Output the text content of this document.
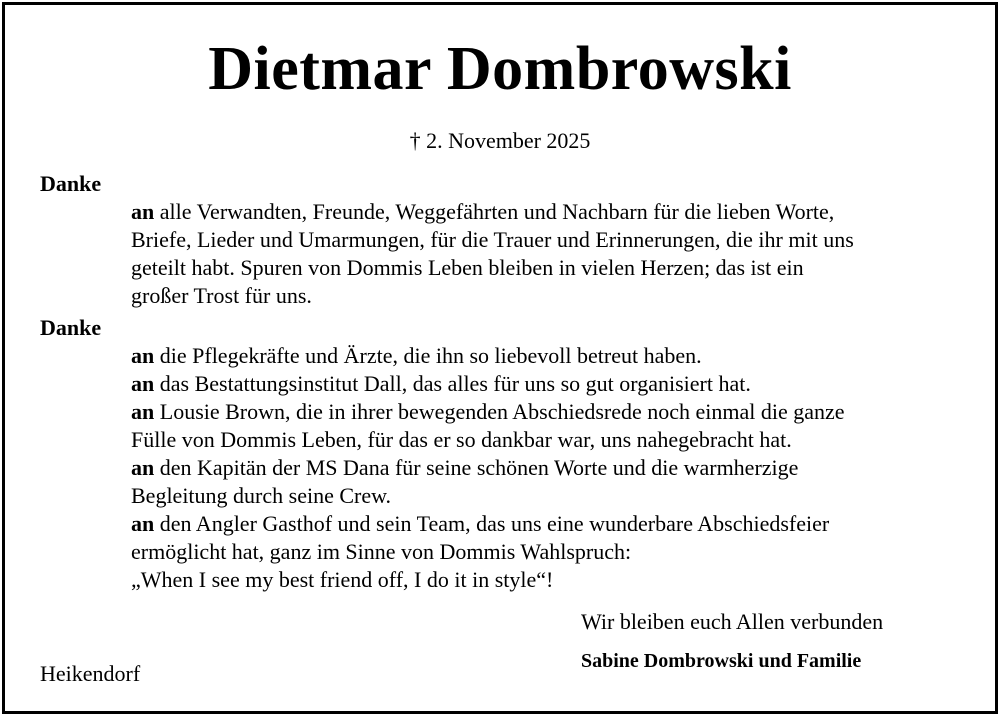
Dietmar Dombrowski
† 2. November 2025
Danke
an alle Verwandten, Freunde, Weggefährten und Nachbarn für die lieben Worte,
Briefe, Lieder und Umarmungen, für die Trauer und Erinnerungen, die ihr mit uns
geteilt habt. Spuren von Dommis Leben bleiben in vielen Herzen; das ist ein
großer Trost für uns.
Danke
an die Pflegekräfte und Ärzte, die ihn so liebevoll betreut haben.
an das Bestattungsinstitut Dall, das alles für uns so gut organisiert hat.
an Lousie Brown, die in ihrer bewegenden Abschiedsrede noch einmal die ganze
Fülle von Dommis Leben, für das er so dankbar war, uns nahegebracht hat.
an den Kapitän der MS Dana für seine schönen Worte und die warmherzige
Begleitung durch seine Crew.
an den Angler Gasthof und sein Team, das uns eine wunderbare Abschiedsfeier
ermöglicht hat, ganz im Sinne von Dommis Wahlspruch:
„When I see my best friend off, I do it in style“!
Wir bleiben euch Allen verbunden
Sabine Dombrowski und Familie
Heikendorf
